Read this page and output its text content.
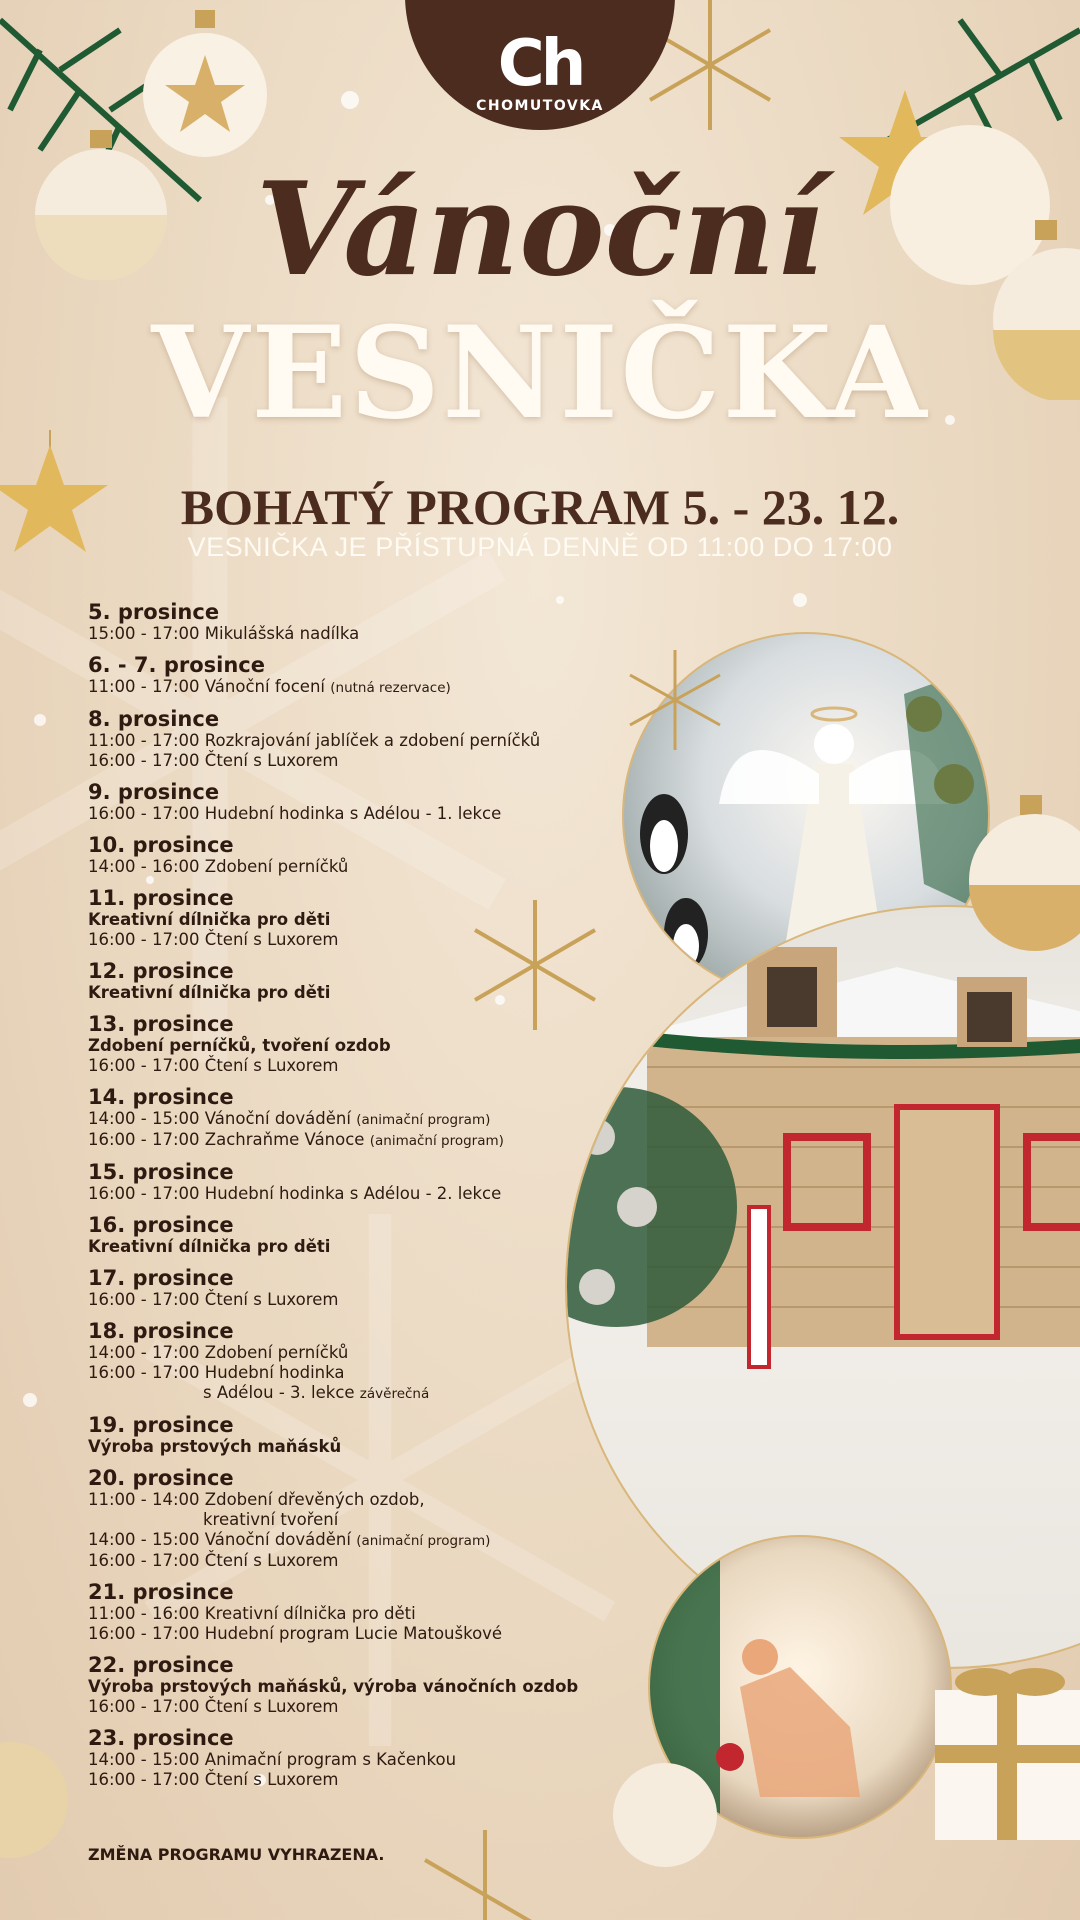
Ch
CHOMUTOVKA
Vánoční
VESNIČKA
BOHATÝ PROGRAM 5. - 23. 12.
VESNIČKA JE PŘÍSTUPNÁ DENNĚ OD 11:00 DO 17:00
5. prosince
15:00 - 17:00 Mikulášská nadílka
6. - 7. prosince
11:00 - 17:00 Vánoční focení (nutná rezervace)
8. prosince
11:00 - 17:00 Rozkrajování jablíček a zdobení perníčků
16:00 - 17:00 Čtení s Luxorem
9. prosince
16:00 - 17:00 Hudební hodinka s Adélou - 1. lekce
10. prosince
14:00 - 16:00 Zdobení perníčků
11. prosince
Kreativní dílnička pro děti
16:00 - 17:00 Čtení s Luxorem
12. prosince
Kreativní dílnička pro děti
13. prosince
Zdobení perníčků, tvoření ozdob
16:00 - 17:00 Čtení s Luxorem
14. prosince
14:00 - 15:00 Vánoční dovádění (animační program)
16:00 - 17:00 Zachraňme Vánoce (animační program)
15. prosince
16:00 - 17:00 Hudební hodinka s Adélou - 2. lekce
16. prosince
Kreativní dílnička pro děti
17. prosince
16:00 - 17:00 Čtení s Luxorem
18. prosince
14:00 - 17:00 Zdobení perníčků
16:00 - 17:00 Hudební hodinka
s Adélou - 3. lekce závěrečná
19. prosince
Výroba prstových maňásků
20. prosince
11:00 - 14:00 Zdobení dřevěných ozdob,
kreativní tvoření
14:00 - 15:00 Vánoční dovádění (animační program)
16:00 - 17:00 Čtení s Luxorem
21. prosince
11:00 - 16:00 Kreativní dílnička pro děti
16:00 - 17:00 Hudební program Lucie Matouškové
22. prosince
Výroba prstových maňásků, výroba vánočních ozdob
16:00 - 17:00 Čtení s Luxorem
23. prosince
14:00 - 15:00 Animační program s Kačenkou
16:00 - 17:00 Čtení s Luxorem
ZMĚNA PROGRAMU VYHRAZENA.
